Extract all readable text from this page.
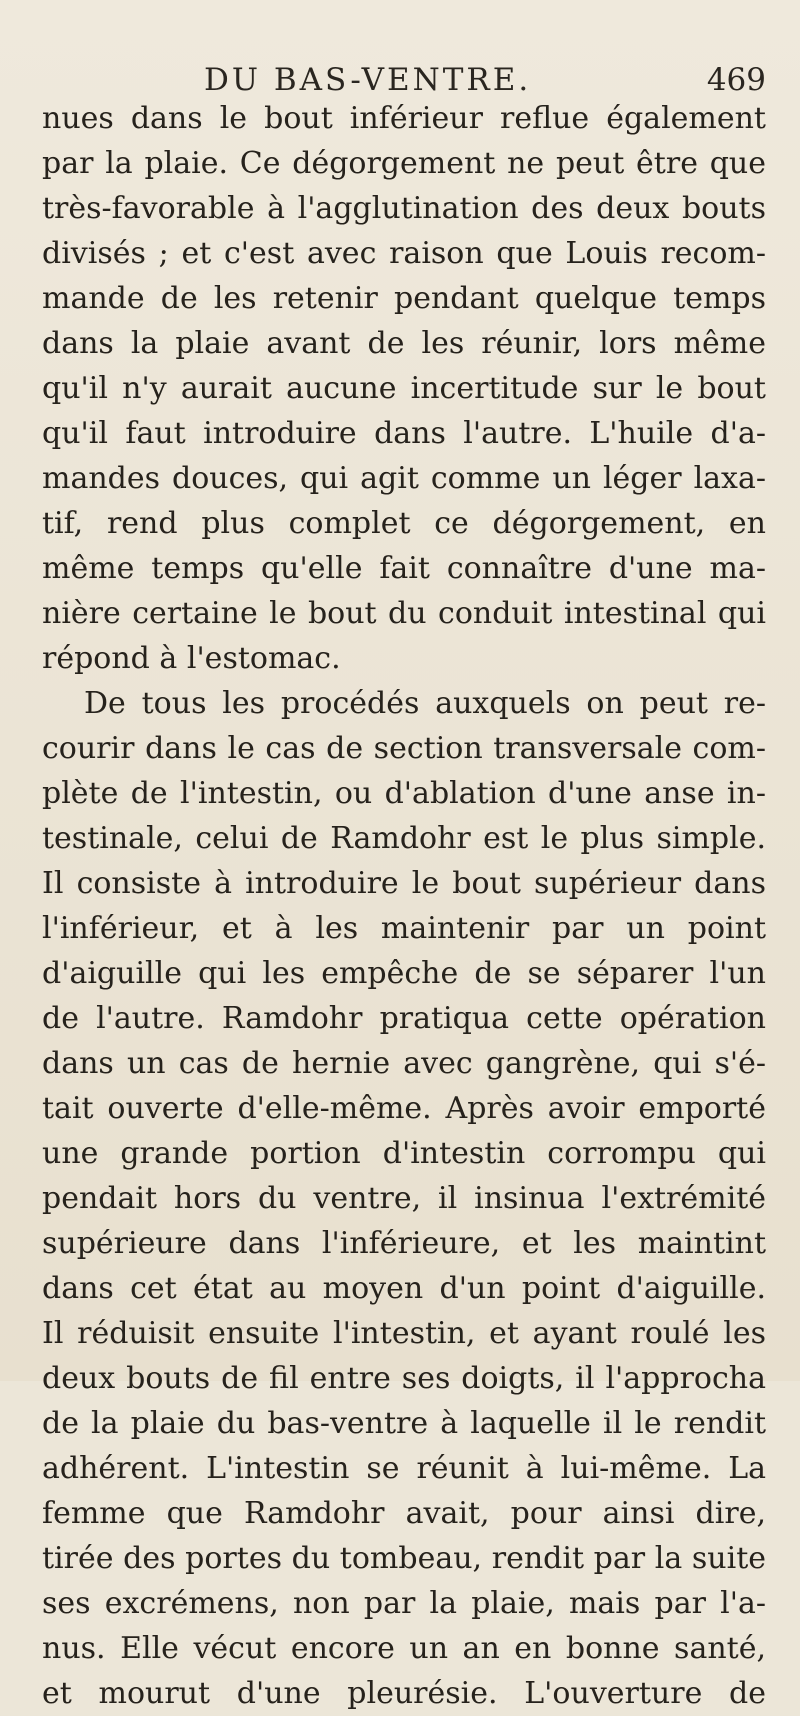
DU BAS-VENTRE.	469
nues dans le bout inférieur reflue également
par la plaie. Ce dégorgement ne peut être que
très-favorable à l'agglutination des deux bouts
divisés ; et c'est avec raison que Louis recom-
mande de les retenir pendant quelque temps
dans la plaie avant de les réunir, lors même
qu'il n'y aurait aucune incertitude sur le bout
qu'il faut introduire dans l'autre. L'huile d'a-
mandes douces, qui agit comme un léger laxa-
tif, rend plus complet ce dégorgement, en
même temps qu'elle fait connaître d'une ma-
nière certaine le bout du conduit intestinal qui
répond à l'estomac.
De tous les procédés auxquels on peut re-
courir dans le cas de section transversale com-
plète de l'intestin, ou d'ablation d'une anse in-
testinale, celui de Ramdohr est le plus simple.
Il consiste à introduire le bout supérieur dans
l'inférieur, et à les maintenir par un point
d'aiguille qui les empêche de se séparer l'un
de l'autre. Ramdohr pratiqua cette opération
dans un cas de hernie avec gangrène, qui s'é-
tait ouverte d'elle-même. Après avoir emporté
une grande portion d'intestin corrompu qui
pendait hors du ventre, il insinua l'extrémité
supérieure dans l'inférieure, et les maintint
dans cet état au moyen d'un point d'aiguille.
Il réduisit ensuite l'intestin, et ayant roulé les
deux bouts de fil entre ses doigts, il l'approcha
de la plaie du bas-ventre à laquelle il le rendit
adhérent. L'intestin se réunit à lui-même. La
femme que Ramdohr avait, pour ainsi dire,
tirée des portes du tombeau, rendit par la suite
ses excrémens, non par la plaie, mais par l'a-
nus. Elle vécut encore un an en bonne santé,
et mourut d'une pleurésie. L'ouverture de
